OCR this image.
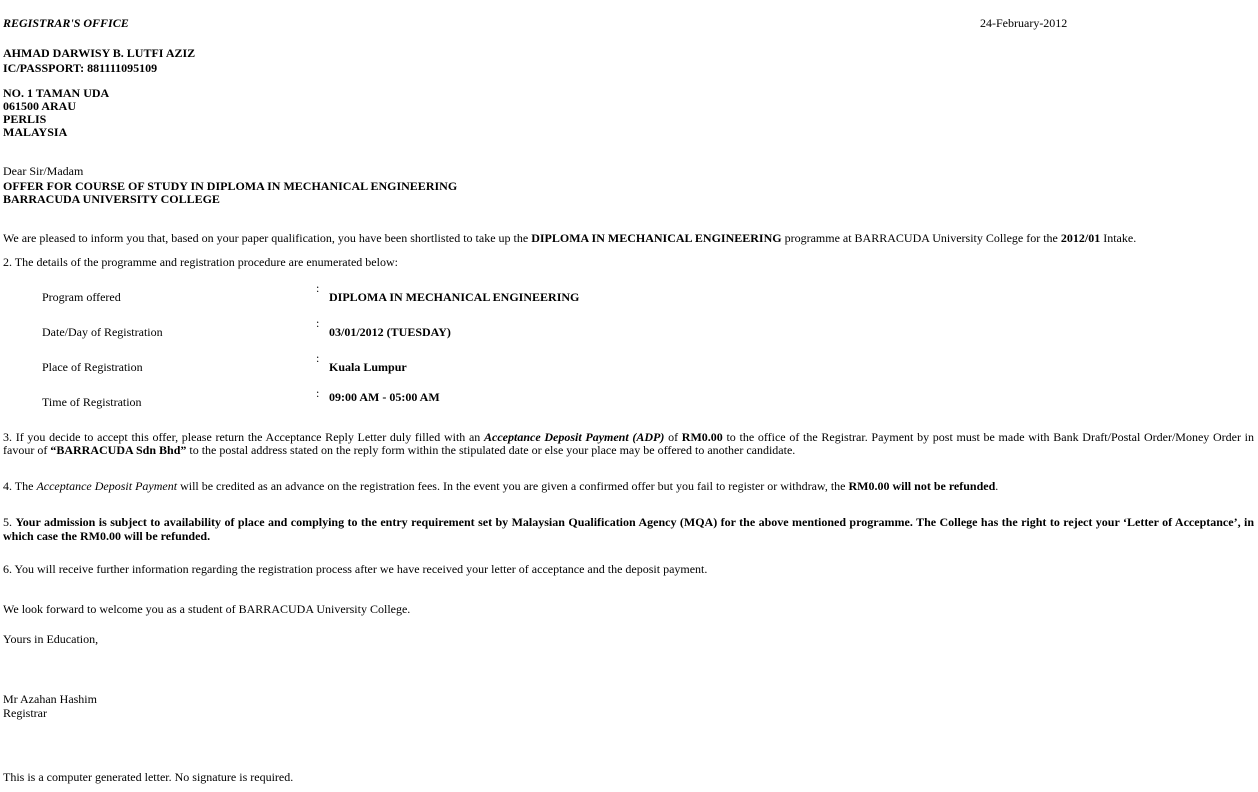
REGISTRAR'S OFFICE	24-February-2012
AHMAD DARWISY B. LUTFI AZIZ
IC/PASSPORT: 881111095109
NO. 1 TAMAN UDA
061500 ARAU
PERLIS
MALAYSIA
Dear Sir/Madam
OFFER FOR COURSE OF STUDY IN DIPLOMA IN MECHANICAL ENGINEERING
BARRACUDA UNIVERSITY COLLEGE
We are pleased to inform you that, based on your paper qualification, you have been shortlisted to take up the DIPLOMA IN MECHANICAL ENGINEERING programme at BARRACUDA University College for the 2012/01 Intake.
2. The details of the programme and registration procedure are enumerated below:
Program offered
:
DIPLOMA IN MECHANICAL ENGINEERING
Date/Day of Registration
:
03/01/2012 (TUESDAY)
Place of Registration
:
Kuala Lumpur
Time of Registration
: 09:00 AM - 05:00 AM
3. If you decide to accept this offer, please return the Acceptance Reply Letter duly filled with an Acceptance Deposit Payment (ADP) of RM0.00 to the office of the Registrar. Payment by post must be made with Bank Draft/Postal Order/Money Order in favour of “BARRACUDA Sdn Bhd” to the postal address stated on the reply form within the stipulated date or else your place may be offered to another candidate.
4. The Acceptance Deposit Payment will be credited as an advance on the registration fees. In the event you are given a confirmed offer but you fail to register or withdraw, the RM0.00 will not be refunded.
5. Your admission is subject to availability of place and complying to the entry requirement set by Malaysian Qualification Agency (MQA) for the above mentioned programme. The College has the right to reject your ‘Letter of Acceptance’, in which case the RM0.00 will be refunded.
6. You will receive further information regarding the registration process after we have received your letter of acceptance and the deposit payment.
We look forward to welcome you as a student of BARRACUDA University College.
Yours in Education,
Mr Azahan Hashim
Registrar
This is a computer generated letter. No signature is required.
